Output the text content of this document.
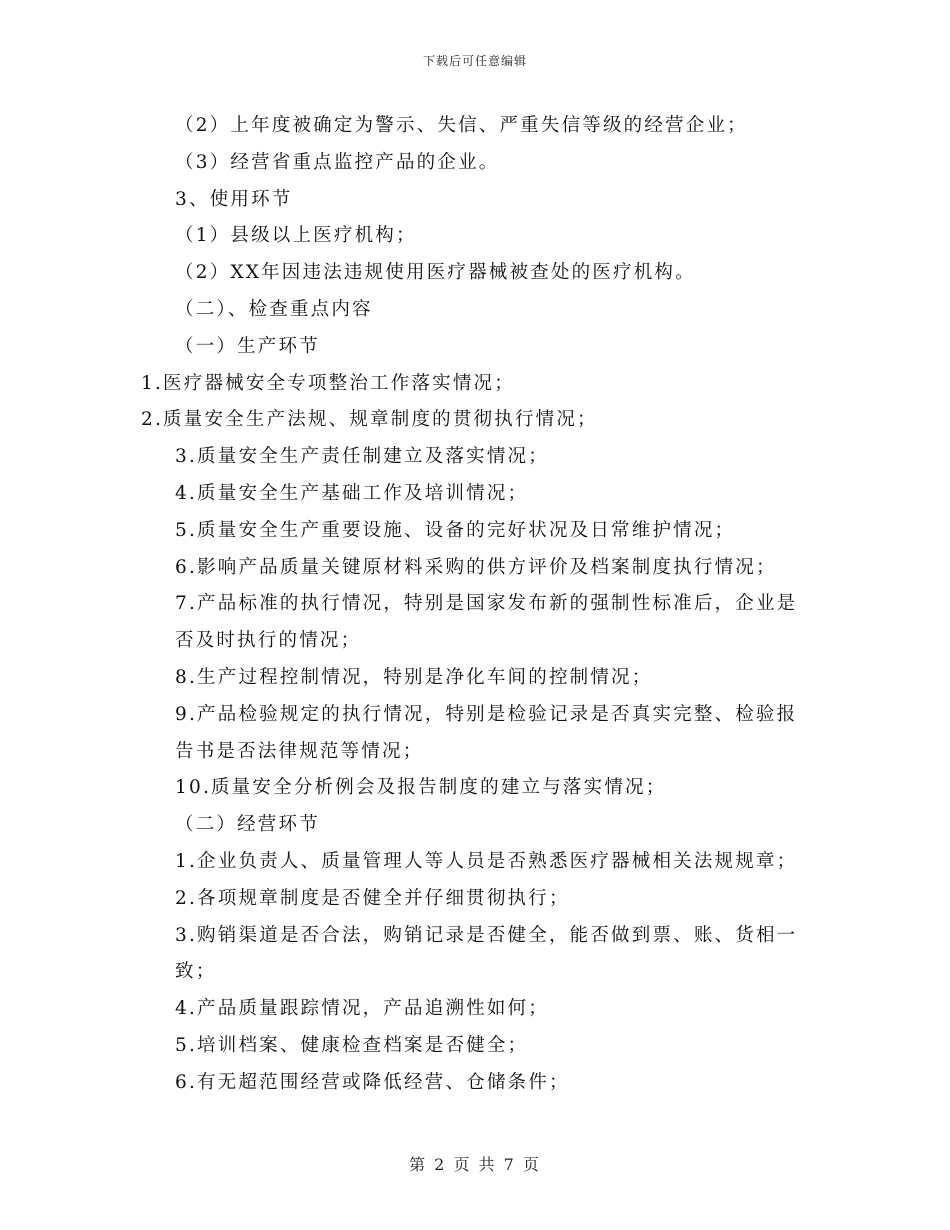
下载后可任意编辑

（2）上年度被确定为警示、失信、严重失信等级的经营企业；

（3）经营省重点监控产品的企业。

3、使用环节

（1）县级以上医疗机构；

（2）XX年因违法违规使用医疗器械被查处的医疗机构。

（二）、检查重点内容

（一）生产环节

1.医疗器械安全专项整治工作落实情况；

2.质量安全生产法规、规章制度的贯彻执行情况；

3.质量安全生产责任制建立及落实情况；

4.质量安全生产基础工作及培训情况；

5.质量安全生产重要设施、设备的完好状况及日常维护情况；

6.影响产品质量关键原材料采购的供方评价及档案制度执行情况；

7.产品标准的执行情况，特别是国家发布新的强制性标准后，企业是否及时执行的情况；

8.生产过程控制情况，特别是净化车间的控制情况；

9.产品检验规定的执行情况，特别是检验记录是否真实完整、检验报告书是否法律规范等情况；

10.质量安全分析例会及报告制度的建立与落实情况；

（二）经营环节

1.企业负责人、质量管理人等人员是否熟悉医疗器械相关法规规章；

2.各项规章制度是否健全并仔细贯彻执行；

3.购销渠道是否合法，购销记录是否健全，能否做到票、账、货相一致；

4.产品质量跟踪情况，产品追溯性如何；

5.培训档案、健康检查档案是否健全；

6.有无超范围经营或降低经营、仓储条件；

第 2 页 共 7 页
